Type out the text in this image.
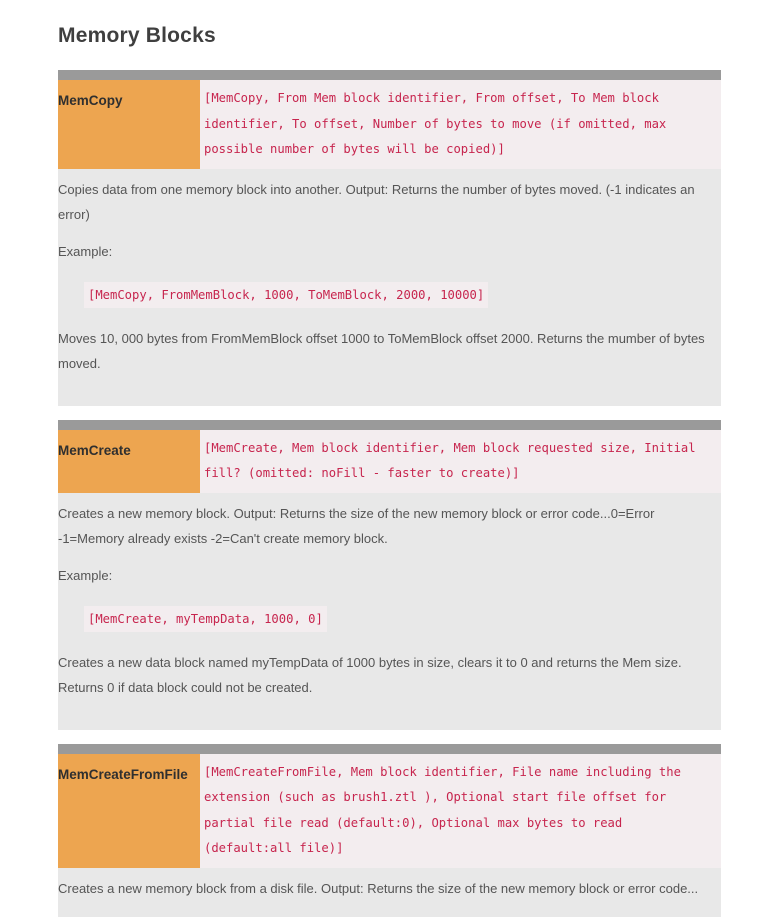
Memory Blocks
MemCopy	[MemCopy, From Mem block identifier, From offset, To Mem block identifier, To offset, Number of bytes to move (if omitted, max possible number of bytes will be copied)]

Copies data from one memory block into another. Output: Returns the number of bytes moved. (-1 indicates an error)

Example:

[MemCopy, FromMemBlock, 1000, ToMemBlock, 2000, 10000]

Moves 10, 000 bytes from FromMemBlock offset 1000 to ToMemBlock offset 2000. Returns the mumber of bytes moved.

MemCreate	[MemCreate, Mem block identifier, Mem block requested size, Initial fill? (omitted: noFill - faster to create)]

Creates a new memory block. Output: Returns the size of the new memory block or error code...0=Error -1=Memory already exists -2=Can't create memory block.

Example:

[MemCreate, myTempData, 1000, 0]

Creates a new data block named myTempData of 1000 bytes in size, clears it to 0 and returns the Mem size. Returns 0 if data block could not be created.

MemCreateFromFile	[MemCreateFromFile, Mem block identifier, File name including the extension (such as brush1.ztl ), Optional start file offset for partial file read (default:0), Optional max bytes to read (default:all file)]

Creates a new memory block from a disk file. Output: Returns the size of the new memory block or error code...
